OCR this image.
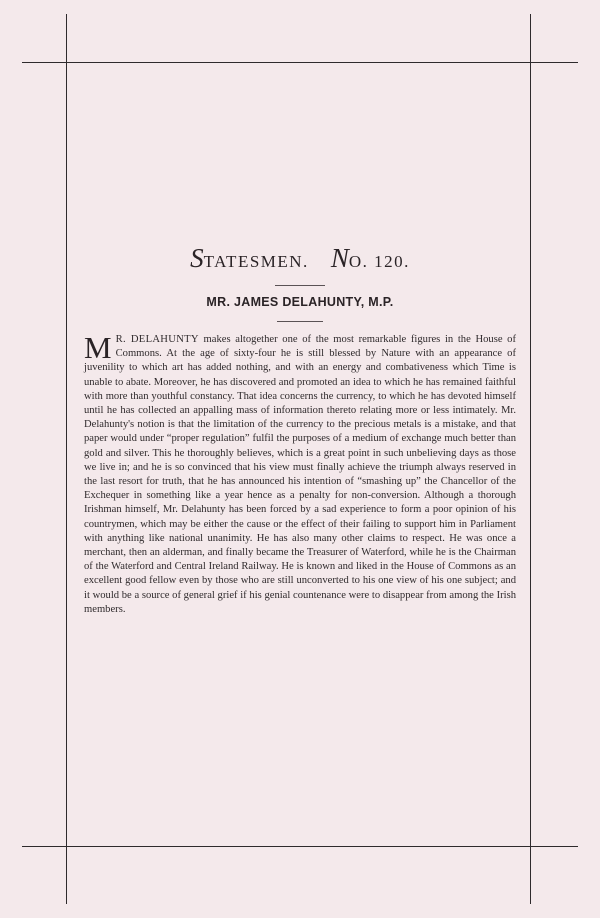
STATESMEN. NO. 120.
MR. JAMES DELAHUNTY, M.P.
M R. DELAHUNTY makes altogether one of the most remarkable figures in the House of Commons. At the age of sixty-four he is still blessed by Nature with an appearance of juvenility to which art has added nothing, and with an energy and combativeness which Time is unable to abate. Moreover, he has discovered and promoted an idea to which he has remained faithful with more than youthful constancy. That idea concerns the currency, to which he has devoted himself until he has collected an appalling mass of information thereto relating more or less intimately. Mr. Delahunty's notion is that the limitation of the currency to the precious metals is a mistake, and that paper would under “proper regulation” fulfil the purposes of a medium of exchange much better than gold and silver. This he thoroughly believes, which is a great point in such unbelieving days as those we live in; and he is so convinced that his view must finally achieve the triumph always reserved in the last resort for truth, that he has announced his intention of “smashing up” the Chancellor of the Exchequer in something like a year hence as a penalty for non-conversion. Although a thorough Irishman himself, Mr. Delahunty has been forced by a sad experience to form a poor opinion of his countrymen, which may be either the cause or the effect of their failing to support him in Parliament with anything like national unanimity. He has also many other claims to respect. He was once a merchant, then an alderman, and finally became the Treasurer of Waterford, while he is the Chairman of the Waterford and Central Ireland Railway. He is known and liked in the House of Commons as an excellent good fellow even by those who are still unconverted to his one view of his one subject; and it would be a source of general grief if his genial countenance were to disappear from among the Irish members.
